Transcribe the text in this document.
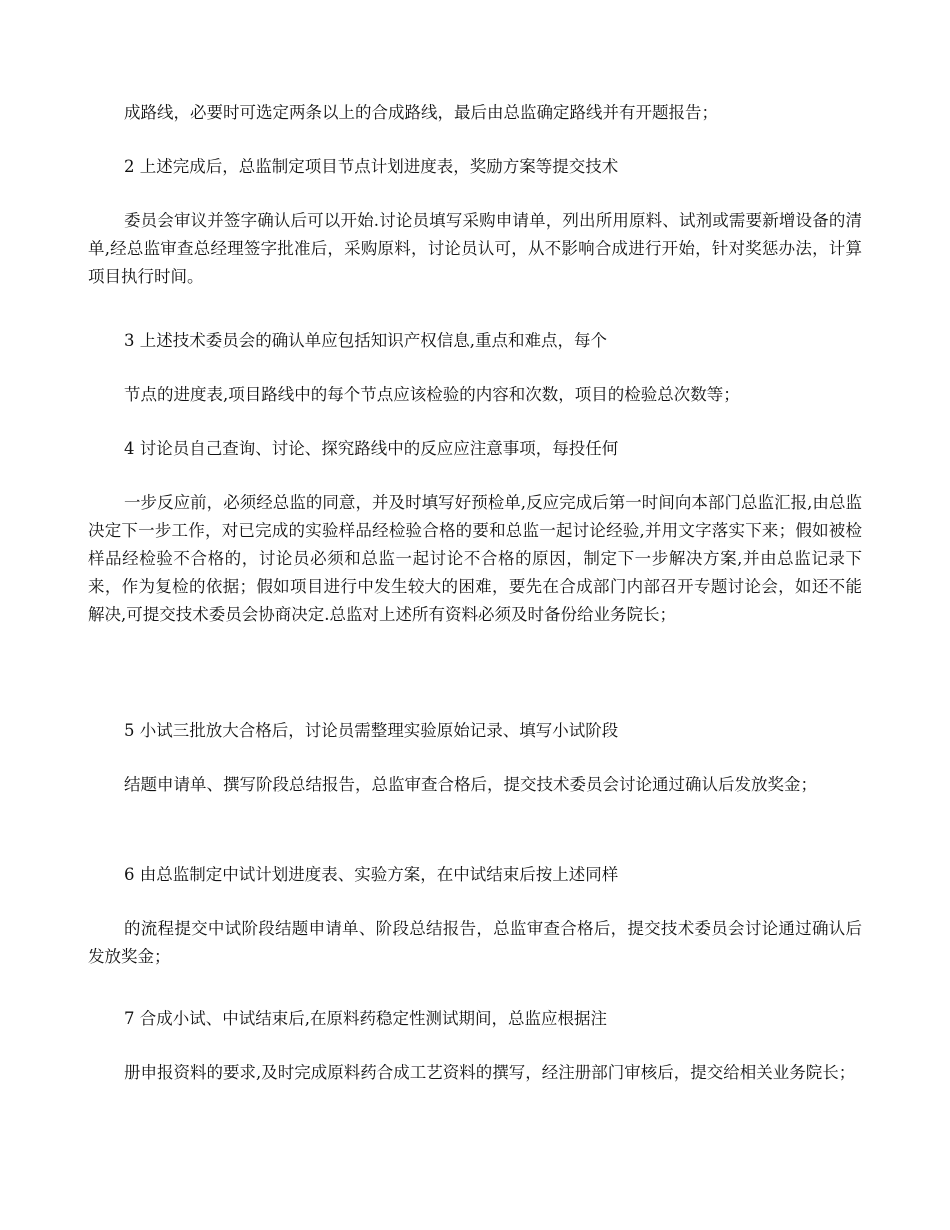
成路线，必要时可选定两条以上的合成路线，最后由总监确定路线并有开题报告；

2 上述完成后，总监制定项目节点计划进度表，奖励方案等提交技术

委员会审议并签字确认后可以开始.讨论员填写采购申请单，列出所用原料、试剂或需要新增设备的清单,经总监审查总经理签字批准后，采购原料，讨论员认可，从不影响合成进行开始，针对奖惩办法，计算项目执行时间。

3 上述技术委员会的确认单应包括知识产权信息,重点和难点，每个

节点的进度表,项目路线中的每个节点应该检验的内容和次数，项目的检验总次数等；

4 讨论员自己查询、讨论、探究路线中的反应应注意事项，每投任何

一步反应前，必须经总监的同意，并及时填写好预检单,反应完成后第一时间向本部门总监汇报,由总监决定下一步工作，对已完成的实验样品经检验合格的要和总监一起讨论经验,并用文字落实下来；假如被检样品经检验不合格的，讨论员必须和总监一起讨论不合格的原因，制定下一步解决方案,并由总监记录下来，作为复检的依据；假如项目进行中发生较大的困难，要先在合成部门内部召开专题讨论会，如还不能解决,可提交技术委员会协商决定.总监对上述所有资料必须及时备份给业务院长；

5 小试三批放大合格后，讨论员需整理实验原始记录、填写小试阶段

结题申请单、撰写阶段总结报告，总监审查合格后，提交技术委员会讨论通过确认后发放奖金；

6 由总监制定中试计划进度表、实验方案，在中试结束后按上述同样

的流程提交中试阶段结题申请单、阶段总结报告，总监审查合格后，提交技术委员会讨论通过确认后发放奖金；

7 合成小试、中试结束后,在原料药稳定性测试期间，总监应根据注

册申报资料的要求,及时完成原料药合成工艺资料的撰写，经注册部门审核后，提交给相关业务院长；
